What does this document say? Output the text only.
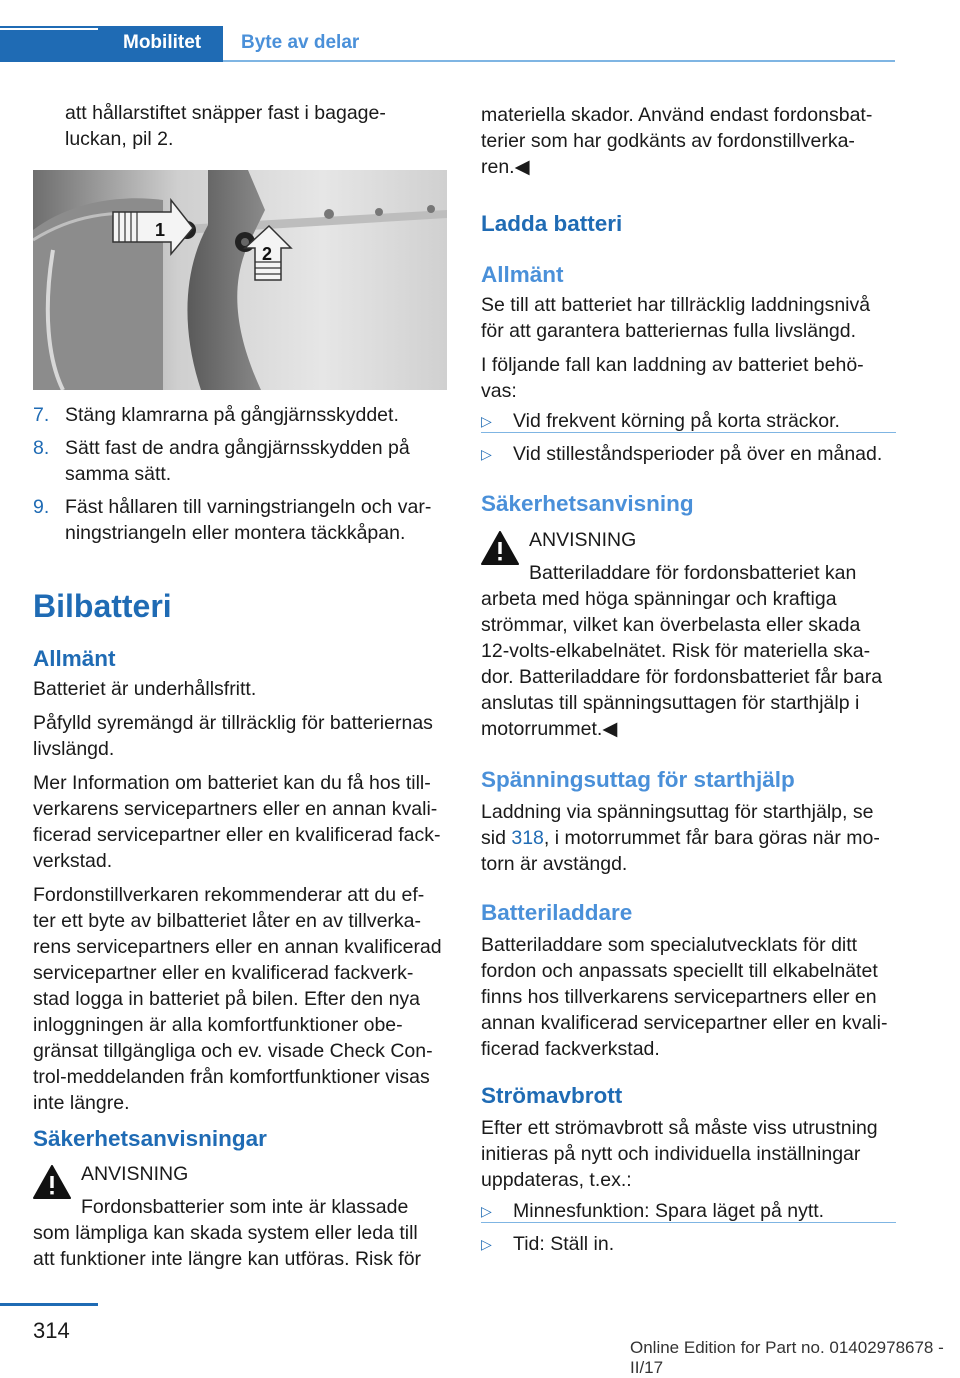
Mobilitet Byte av delar

att hållarstiftet snäpper fast i bagage-

luckan, pil 2.

1
2
7. Stäng klamrarna på gångjärnsskyddet.

8. Sätt fast de andra gångjärnsskydden på

samma sätt.

9. Fäst hållaren till varningstriangeln och var-

ningstriangeln eller montera täckkåpan.

Bilbatteri
Allmänt

Batteriet är underhållsfritt.

Påfylld syremängd är tillräcklig för batteriernas

livslängd.

Mer Information om batteriet kan du få hos till-

verkarens servicepartners eller en annan kvali-

ficerad servicepartner eller en kvalificerad fack-

verkstad.

Fordonstillverkaren rekommenderar att du ef-

ter ett byte av bilbatteriet låter en av tillverka-

rens servicepartners eller en annan kvalificerad

servicepartner eller en kvalificerad fackverk-

stad logga in batteriet på bilen. Efter den nya

inloggningen är alla komfortfunktioner obe-

gränsat tillgängliga och ev. visade Check Con-

trol-meddelanden från komfortfunktioner visas

inte längre.

Säkerhetsanvisningar

ANVISNING

Fordonsbatterier som inte är klassade

som lämpliga kan skada system eller leda till

att funktioner inte längre kan utföras. Risk för

materiella skador. Använd endast fordonsbat-

terier som har godkänts av fordonstillverka-

ren.◀

Ladda batteri
Allmänt

Se till att batteriet har tillräcklig laddningsnivå

för att garantera batteriernas fulla livslängd.

I följande fall kan laddning av batteriet behö-

vas:

▷ Vid frekvent körning på korta sträckor.
▷ Vid stilleståndsperioder på över en månad.
Säkerhetsanvisning

ANVISNING

Batteriladdare för fordonsbatteriet kan

arbeta med höga spänningar och kraftiga

strömmar, vilket kan överbelasta eller skada

12-volts-elkabelnätet. Risk för materiella ska-

dor. Batteriladdare för fordonsbatteriet får bara

anslutas till spänningsuttagen för starthjälp i

motorrummet.◀

Spänningsuttag för starthjälp

Laddning via spänningsuttag för starthjälp, se

sid 318, i motorrummet får bara göras när mo-

torn är avstängd.

Batteriladdare

Batteriladdare som specialutvecklats för ditt

fordon och anpassats speciellt till elkabelnätet

finns hos tillverkarens servicepartners eller en

annan kvalificerad servicepartner eller en kvali-

ficerad fackverkstad.

Strömavbrott

Efter ett strömavbrott så måste viss utrustning

initieras på nytt och individuella inställningar

uppdateras, t.ex.:

▷ Minnesfunktion: Spara läget på nytt.
▷ Tid: Ställ in.
314
Online Edition for Part no. 01402978678 - II/17
